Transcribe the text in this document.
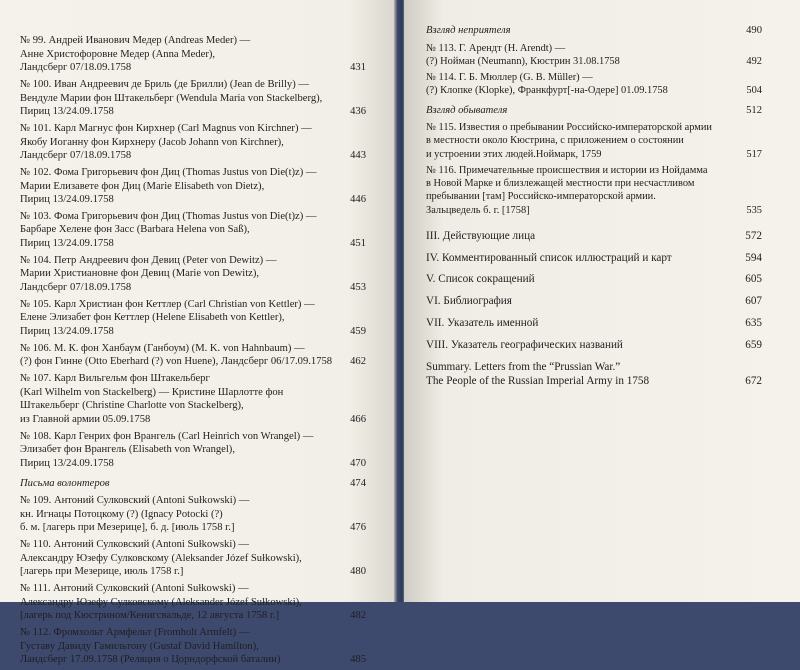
№ 99. Андрей Иванович Медер (Andreas Meder) —
Анне Христофоровне Медер (Anna Meder),
Ландсберг 07/18.09.1758	431
№ 100. Иван Андреевич де Бриль (де Брилли) (Jean de Brilly) —
Вендуле Марии фон Штакельберг (Wendula Maria von Stackelberg),
Пириц 13/24.09.1758	436
№ 101. Карл Магнус фон Кирхнер (Carl Magnus von Kirchner) —
Якобу Иоганну фон Кирхнеру (Jacob Johann von Kirchner),
Ландсберг 07/18.09.1758	443
№ 102. Фома Григорьевич фон Диц (Thomas Justus von Die(t)z) —
Марии Елизавете фон Диц (Marie Elisabeth von Dietz),
Пириц 13/24.09.1758	446
№ 103. Фома Григорьевич фон Диц (Thomas Justus von Die(t)z) —
Барбаре Хелене фон Засс (Barbara Helena von Saß),
Пириц 13/24.09.1758	451
№ 104. Петр Андреевич фон Девиц (Peter von Dewitz) —
Марии Христиановне фон Девиц (Marie von Dewitz),
Ландсберг 07/18.09.1758	453
№ 105. Карл Христиан фон Кеттлер (Carl Christian von Kettler) —
Елене Элизабет фон Кеттлер (Helene Elisabeth von Kettler),
Пириц 13/24.09.1758	459
№ 106. М. К. фон Ханбаум (Ганбоум) (M. K. von Hahnbaum) —
(?) фон Гинне (Otto Eberhard (?) von Huene), Ландсберг 06/17.09.1758	462
№ 107. Карл Вильгельм фон Штакельберг
(Karl Wilhelm von Stackelberg) — Кристине Шарлотте фон
Штакельберг (Christine Charlotte von Stackelberg),
из Главной армии 05.09.1758	466
№ 108. Карл Генрих фон Врангель (Carl Heinrich von Wrangel) —
Элизабет фон Врангель (Elisabeth von Wrangel),
Пириц 13/24.09.1758	470
Письма волонтеров	474
№ 109. Антоний Сулковский (Antoni Sułkowski) —
кн. Игнацы Потоцкому (?) (Ignacy Potocki (?)
б. м. [лагерь при Мезерице], б. д. [июль 1758 г.]	476
№ 110. Антоний Сулковский (Antoni Sułkowski) —
Александру Юзефу Сулковскому (Aleksander Józef Sułkowski),
[лагерь при Мезерице, июль 1758 г.]	480
№ 111. Антоний Сулковский (Antoni Sułkowski) —
Александру Юзефу Сулковскому (Aleksander Józef Sułkowski),
[лагерь под Кюстрином/Кенигсвальде, 12 августа 1758 г.]	482
№ 112. Фромхольт Армфельт (Fromholt Armfelt) —
Густаву Давиду Гамильтону (Gustaf David Hamilton),
Ландсберг 17.09.1758 (Реляция о Цорндорфской баталии)	485
Взгляд неприятеля	490
№ 113. Г. Арендт (H. Arendt) —
(?) Нойман (Neumann), Кюстрин 31.08.1758	492
№ 114. Г. Б. Мюллер (G. B. Müller) —
(?) Клопке (Klopke), Франкфурт[-на-Одере] 01.09.1758	504
Взгляд обывателя	512
№ 115. Известия о пребывании Российско-императорской армии
в местности около Кюстрина, с приложением о состоянии
и устроении этих людей.Ноймарк, 1759	517
№ 116. Примечательные происшествия и истории из Нойдамма
в Новой Марке и близлежащей местности при несчастливом
пребывании [там] Российско-императорской армии.
Зальцведель б. г. [1758]	535
III. Действующие лица	572
IV. Комментированный список иллюстраций и карт	594
V. Список сокращений	605
VI. Библиография	607
VII. Указатель именной	635
VIII. Указатель географических названий	659
Summary. Letters from the “Prussian War.”
The People of the Russian Imperial Army in 1758	672
